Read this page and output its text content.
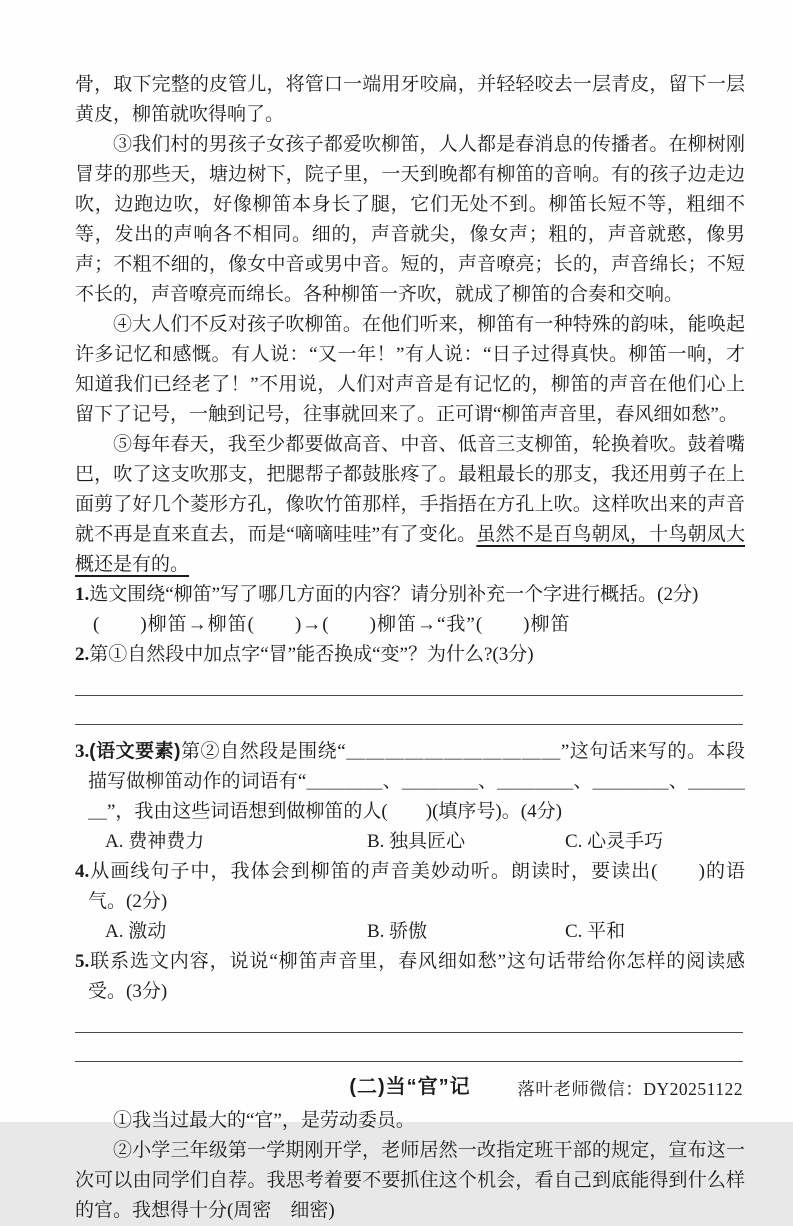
骨，取下完整的皮管儿，将管口一端用牙咬扁，并轻轻咬去一层青皮，留下一层黄皮，柳笛就吹得响了。

③我们村的男孩子女孩子都爱吹柳笛，人人都是春消息的传播者。在柳树刚冒芽的那些天，塘边树下，院子里，一天到晚都有柳笛的音响。有的孩子边走边吹，边跑边吹，好像柳笛本身长了腿，它们无处不到。柳笛长短不等，粗细不等，发出的声响各不相同。细的，声音就尖，像女声；粗的，声音就憨，像男声；不粗不细的，像女中音或男中音。短的，声音嘹亮；长的，声音绵长；不短不长的，声音嘹亮而绵长。各种柳笛一齐吹，就成了柳笛的合奏和交响。

④大人们不反对孩子吹柳笛。在他们听来，柳笛有一种特殊的韵味，能唤起许多记忆和感慨。有人说：“又一年！”有人说：“日子过得真快。柳笛一响，才知道我们已经老了！”不用说，人们对声音是有记忆的，柳笛的声音在他们心上留下了记号，一触到记号，往事就回来了。正可谓“柳笛声音里，春风细如愁”。

⑤每年春天，我至少都要做高音、中音、低音三支柳笛，轮换着吹。鼓着嘴巴，吹了这支吹那支，把腮帮子都鼓胀疼了。最粗最长的那支，我还用剪子在上面剪了好几个菱形方孔，像吹竹笛那样，手指捂在方孔上吹。这样吹出来的声音就不再是直来直去，而是“嘀嘀哇哇”有了变化。虽然不是百鸟朝凤，十鸟朝凤大概还是有的。

1.选文围绕“柳笛”写了哪几方面的内容？请分别补充一个字进行概括。(2分)
(　　)柳笛→柳笛(　　)→(　　)柳笛→“我”(　　)柳笛
2.第①自然段中加点字“冒”能否换成“变”？为什么?(3分)
3.(语文要素)第②自然段是围绕“＿＿＿＿＿＿＿＿＿＿＿”这句话来写的。本段描写做柳笛动作的词语有“＿＿＿＿、＿＿＿＿、＿＿＿＿、＿＿＿＿、＿＿＿＿”，我由这些词语想到做柳笛的人(　　)(填序号)。(4分)
A. 费神费力	B. 独具匠心	C. 心灵手巧
4.从画线句子中，我体会到柳笛的声音美妙动听。朗读时，要读出(　　)的语气。(2分)
A. 激动	B. 骄傲	C. 平和
5.联系选文内容，说说“柳笛声音里，春风细如愁”这句话带给你怎样的阅读感受。(3分)
(二)当“官”记

①我当过最大的“官”，是劳动委员。

②小学三年级第一学期刚开学，老师居然一改指定班干部的规定，宣布这一次可以由同学们自荐。我思考着要不要抓住这个机会，看自己到底能得到什么样的官。我想得十分(周密　细密)

落叶老师微信：DY20251122
